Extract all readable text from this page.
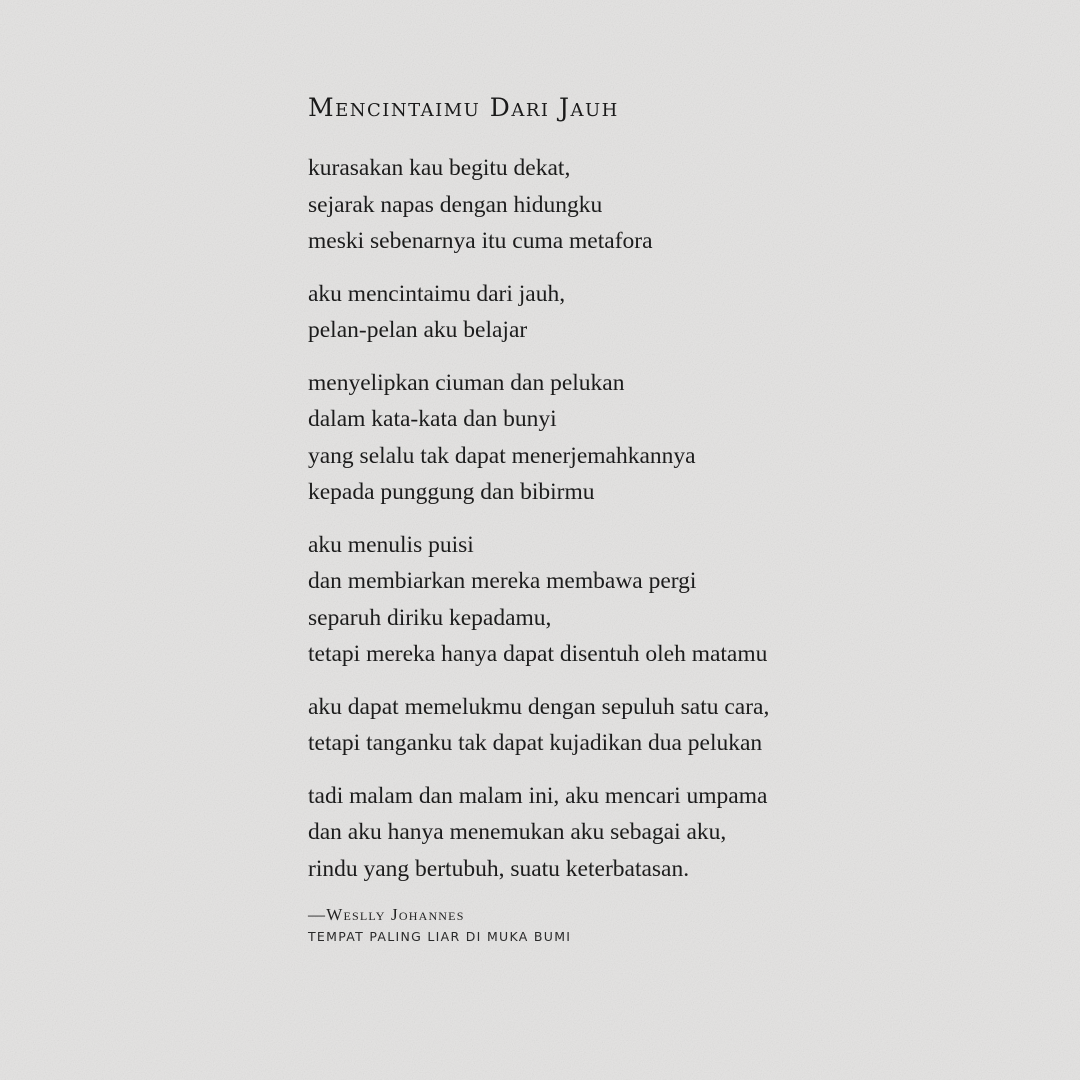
Mencintaimu Dari Jauh

kurasakan kau begitu dekat,
sejarak napas dengan hidungku
meski sebenarnya itu cuma metafora

aku mencintaimu dari jauh,
pelan-pelan aku belajar

menyelipkan ciuman dan pelukan
dalam kata-kata dan bunyi
yang selalu tak dapat menerjemahkannya
kepada punggung dan bibirmu

aku menulis puisi
dan membiarkan mereka membawa pergi
separuh diriku kepadamu,
tetapi mereka hanya dapat disentuh oleh matamu

aku dapat memelukmu dengan sepuluh satu cara,
tetapi tanganku tak dapat kujadikan dua pelukan

tadi malam dan malam ini, aku mencari umpama
dan aku hanya menemukan aku sebagai aku,
rindu yang bertubuh, suatu keterbatasan.

—Weslly Johannes
TEMPAT PALING LIAR DI MUKA BUMI
